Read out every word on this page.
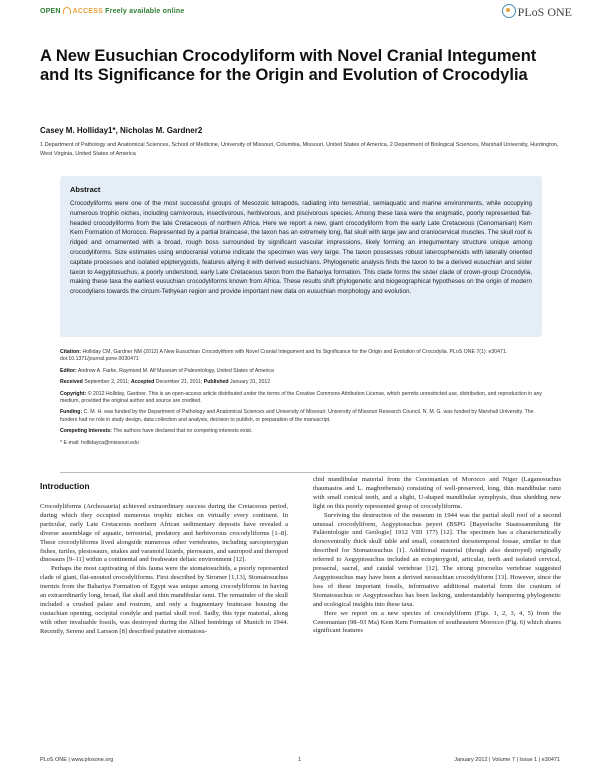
OPEN ACCESS Freely available online	PLoS ONE
A New Eusuchian Crocodyliform with Novel Cranial Integument and Its Significance for the Origin and Evolution of Crocodylia
Casey M. Holliday1*, Nicholas M. Gardner2
1 Department of Pathology and Anatomical Sciences, School of Medicine, University of Missouri, Columbia, Missouri, United States of America, 2 Department of Biological Sciences, Marshall University, Huntington, West Virginia, United States of America
Abstract
Crocodyliforms were one of the most successful groups of Mesozoic tetrapods, radiating into terrestrial, semiaquatic and marine environments, while occupying numerous trophic niches, including carnivorous, insectivorous, herbivorous, and piscivorous species. Among these taxa were the enigmatic, poorly represented flat-headed crocodyliforms from the late Cretaceous of northern Africa. Here we report a new, giant crocodyliform from the early Late Cretaceous (Cenomanian) Kem Kem Formation of Morocco. Represented by a partial braincase, the taxon has an extremely long, flat skull with large jaw and craniocervical muscles. The skull roof is ridged and ornamented with a broad, rough boss surrounded by significant vascular impressions, likely forming an integumentary structure unique among crocodyliforms. Size estimates using endocranial volume indicate the specimen was very large. The taxon possesses robust laterosphenoids with laterally oriented capitate processes and isolated epipterygoids, features allying it with derived eusuchians. Phylogenetic analysis finds the taxon to be a derived eusuchian and sister taxon to Aegyptosuchus, a poorly understood, early Late Cretaceous taxon from the Bahariya formation. This clade forms the sister clade of crown-group Crocodylia, making these taxa the earliest eusuchian crocodyliforms known from Africa. These results shift phylogenetic and biogeographical hypotheses on the origin of modern crocodylians towards the circum-Tethyean region and provide important new data on eusuchian morphology and evolution.

Citation: Holliday CM, Gardner NM (2012) A New Eusuchian Crocodyliform with Novel Cranial Integument and Its Significance for the Origin and Evolution of Crocodylia. PLoS ONE 7(1): e30471. doi:10.1371/journal.pone.0030471

Editor: Andrew A. Farke, Raymond M. Alf Museum of Paleontology, United States of America

Received September 2, 2011; Accepted December 21, 2011; Published January 31, 2012

Copyright: © 2012 Holliday, Gardner. This is an open-access article distributed under the terms of the Creative Commons Attribution License, which permits unrestricted use, distribution, and reproduction in any medium, provided the original author and source are credited.

Funding: C. M. H. was funded by the Department of Pathology and Anatomical Sciences and University of Missouri; University of Missouri Research Council. N. M. G. was funded by Marshall University. The funders had no role in study design, data collection and analysis, decision to publish, or preparation of the manuscript.

Competing Interests: The authors have declared that no competing interests exist.

* E-mail: hollidayca@missouri.edu

Introduction

Crocodyliforms (Archosauria) achieved extraordinary success during the Cretaceous period, during which they occupied numerous trophic niches on virtually every continent. In particular, early Late Cretaceous northern African sedimentary deposits have revealed a diverse assemblage of aquatic, terrestrial, predatory and herbivorous crocodyliforms [1–8]. These crocodyliforms lived alongside numerous other vertebrates, including sarcopterygian fishes, turtles, plesiosaurs, snakes and varanoid lizards, pterosaurs, and sauropod and theropod dinosaurs [9–11] within a continental and freshwater deltaic environment [12].

Perhaps the most captivating of this fauna were the stomatosuchids, a poorly represented clade of giant, flat-snouted crocodyliforms. First described by Stromer [1,13], Stomatosuchus inermis from the Bahariya Formation of Egypt was unique among crocodyliforms in having an extraordinarily long, broad, flat skull and thin mandibular rami. The remainder of the skull included a crushed palate and rostrum, and only a fragmentary braincase housing the custachian opening, occipital condyle and partial skull roof. Sadly, this type material, along with other invaluable fossils, was destroyed during the Allied bombings of Munich in 1944. Recently, Sereno and Larsson [8] described putative stomatosu-

chid mandibular material from the Cenomanian of Morocco and Niger (Laganosuchus thaumastos and L. maghrebensis) consisting of well-preserved, long, thin mandibular rami with small conical teeth, and a slight, U-shaped mandibular symphysis, thus shedding new light on this poorly represented group of crocodyliforms.

Surviving the destruction of the museum in 1944 was the partial skull roof of a second unusual crocodyliform, Aegyptosuchus peyeri (BSPG [Bayerische Staatssammlung für Paläontologie und Geologie] 1912 VIII 177) [12]. The specimen has a characteristically dorsoventrally thick skull table and small, constricted dorsotemporal fossae, similar to that described for Stomatosuchus [1]. Additional material (though also destroyed) originally referred to Aegyptosuchus included an ectopterygoid, articular, teeth and isolated cervical, presacral, sacral, and caudal vertebrae [12]. The strong procoelus vertebrae suggested Aegyptosuchus may have been a derived neosuchian crocodyliform [13]. However, since the loss of these important fossils, informative additional material from the cranium of Stomatosuchus or Aegyptosuchus has been lacking, understandably hampering phylogenetic and ecological insights into these taxa.

Here we report on a new species of crocodyliform (Figs. 1, 2, 3, 4, 5) from the Cenomanian (98–93 Ma) Kem Kem Formation of southeastern Morocco (Fig. 6) which shares significant features

PLoS ONE | www.plosone.org	1	January 2012 | Volume 7 | Issue 1 | e30471
